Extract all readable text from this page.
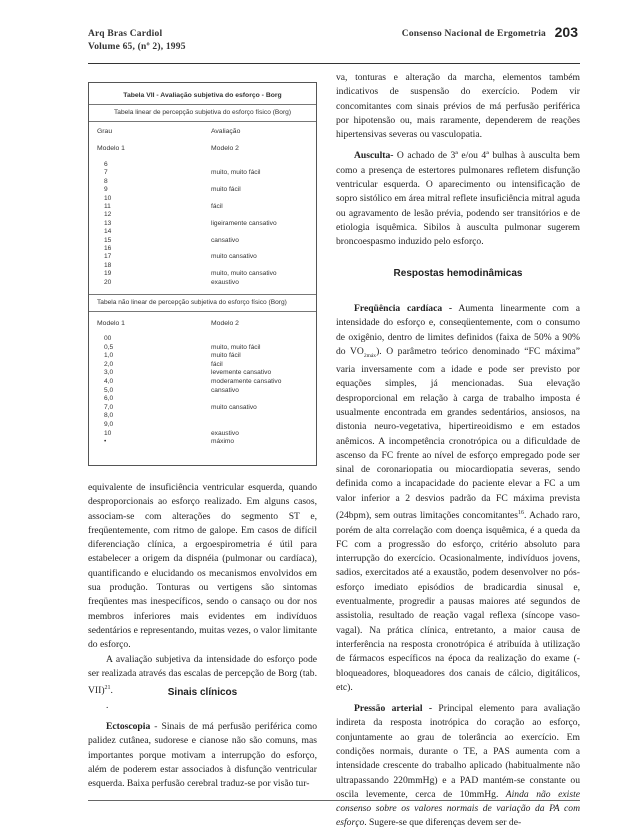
Arq Bras Cardiol
Volume 65, (nº 2), 1995
Consenso Nacional de Ergometria 203
Tabela VII - Avaliação subjetiva do esforço - Borg
Tabela linear de percepção subjetiva do esforço físico (Borg)
Grau	Avaliação
Modelo 1	Modelo 2
6
7	muito, muito fácil
8
9	muito fácil
10
11	fácil
12
13	ligeiramente cansativo
14
15	cansativo
16
17	muito cansativo
18
19	muito, muito cansativo
20	exaustivo
Tabela não linear de percepção subjetiva do esforço físico (Borg)
Modelo 1	Modelo 2
00
0,5	muito, muito fácil
1,0	muito fácil
2,0	fácil
3,0	levemente cansativo
4,0	moderamente cansativo
5,0	cansativo
6,0
7,0	muito cansativo
8,0
9,0
10	exaustivo
•	máximo

equivalente de insuficiência ventricular esquerda, quando desproporcionais ao esforço realizado. Em alguns casos, associam-se com alterações do segmento ST e, freqüentemente, com ritmo de galope. Em casos de difícil diferenciação clínica, a ergoespirometria é útil para estabelecer a origem da dispnéia (pulmonar ou cardíaca), quantificando e elucidando os mecanismos envolvidos em sua produção. Tonturas ou vertigens são sintomas freqüentes mas inespecíficos, sendo o cansaço ou dor nos membros inferiores mais evidentes em indivíduos sedentários e representando, muitas vezes, o valor limitante do esforço.

A avaliação subjetiva da intensidade do esforço pode ser realizada através das escalas de percepção de Borg (tab. VII)$^{21}$.

.

Sinais clínicos

Ectoscopia - Sinais de má perfusão periférica como palidez cutânea, sudorese e cianose não são comuns, mas importantes porque motivam a interrupção do esforço, além de poderem estar associados à disfunção ventricular esquerda. Baixa perfusão cerebral traduz-se por visão tur-

va, tonturas e alteração da marcha, elementos também indicativos de suspensão do exercício. Podem vir concomitantes com sinais prévios de má perfusão periférica por hipotensão ou, mais raramente, dependerem de reações hipertensivas severas ou vasculopatia.

Ausculta- O achado de 3ª e/ou 4ª bulhas à ausculta bem como a presença de estertores pulmonares refletem disfunção ventricular esquerda. O aparecimento ou intensificação de sopro sistólico em área mitral reflete insuficiência mitral aguda ou agravamento de lesão prévia, podendo ser transitórios e de etiologia isquêmica. Sibilos à ausculta pulmonar sugerem broncoespasmo induzido pelo esforço.

Respostas hemodinâmicas

Freqüência cardíaca - Aumenta linearmente com a intensidade do esforço e, conseqüentemente, com o consumo de oxigênio, dentro de limites definidos (faixa de 50% a 90% do $VO_{2máx}$). O parâmetro teórico denominado “FC máxima” varia inversamente com a idade e pode ser previsto por equações simples, já mencionadas. Sua elevação desproporcional em relação à carga de trabalho imposta é usualmente encontrada em grandes sedentários, ansiosos, na distonia neuro-vegetativa, hipertireoidismo e em estados anêmicos. A incompetência cronotrópica ou a dificuldade de ascenso da FC frente ao nível de esforço empregado pode ser sinal de coronariopatia ou miocardiopatia severas, sendo definida como a incapacidade do paciente elevar a FC a um valor inferior a 2 desvios padrão da FC máxima prevista (24bpm), sem outras limitações concomitantes$^{16}$. Achado raro, porém de alta correlação com doença isquêmica, é a queda da FC com a progressão do esforço, critério absoluto para interrupção do exercício. Ocasionalmente, indivíduos jovens, sadios, exercitados até a exaustão, podem desenvolver no pós-esforço imediato episódios de bradicardia sinusal e, eventualmente, progredir a pausas maiores até segundos de assistolia, resultado de reação vagal reflexa (síncope vaso-vagal). Na prática clínica, entretanto, a maior causa de interferência na resposta cronotrópica é atribuída à utilização de fármacos específicos na época da realização do exame (-bloqueadores, bloqueadores dos canais de cálcio, digitálicos, etc).

Pressão arterial - Principal elemento para avaliação indireta da resposta inotrópica do coração ao esforço, conjuntamente ao grau de tolerância ao exercício. Em condições normais, durante o TE, a PAS aumenta com a intensidade crescente do trabalho aplicado (habitualmente não ultrapassando 220mmHg) e a PAD mantém-se constante ou oscila levemente, cerca de 10mmHg. Ainda não existe consenso sobre os valores normais de variação da PA com esforço. Sugere-se que diferenças devem ser de-
